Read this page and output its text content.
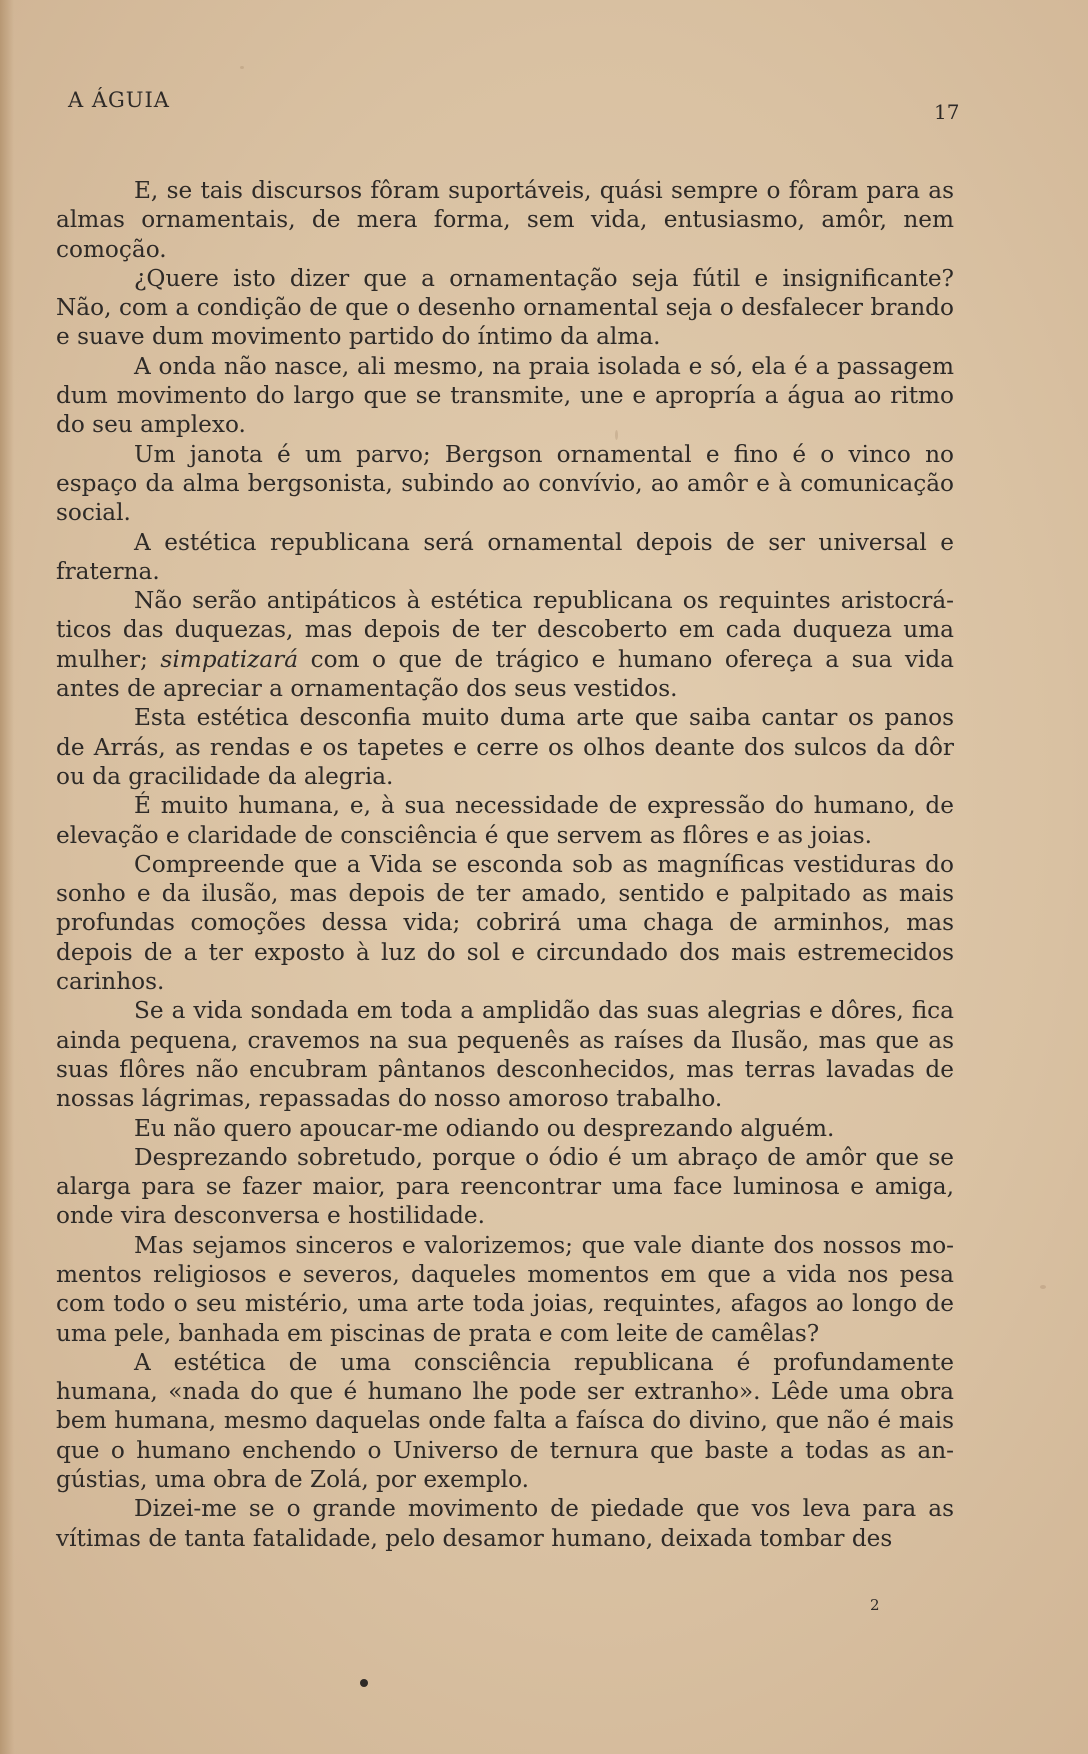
A ÁGUIA	17

E, se tais discursos fôram suportáveis, quási sempre o fôram para as almas ornamentais, de mera forma, sem vida, entusiasmo, amôr, nem comoção.

¿Quere isto dizer que a ornamentação seja fútil e insignificante? Não, com a condição de que o desenho ornamental seja o desfalecer brando e suave dum movimento partido do íntimo da alma.

A onda não nasce, ali mesmo, na praia isolada e só, ela é a passagem dum movimento do largo que se transmite, une e apropría a água ao ritmo do seu amplexo.

Um janota é um parvo; Bergson ornamental e fino é o vinco no espaço da alma bergsonista, subindo ao convívio, ao amôr e à comunicação social.

A estética republicana será ornamental depois de ser universal e fraterna.

Não serão antipáticos à estética republicana os requintes aristocráticos das duquezas, mas depois de ter descoberto em cada duqueza uma mulher; simpatizará com o que de trágico e humano ofereça a sua vida antes de apreciar a ornamentação dos seus vestidos.

Esta estética desconfia muito duma arte que saiba cantar os panos de Arrás, as rendas e os tapetes e cerre os olhos deante dos sulcos da dôr ou da gracilidade da alegria.

É muito humana, e, à sua necessidade de expressão do humano, de elevação e claridade de consciência é que servem as flôres e as joias.

Compreende que a Vida se esconda sob as magníficas vestiduras do sonho e da ilusão, mas depois de ter amado, sentido e palpitado as mais profundas comoções dessa vida; cobrirá uma chaga de arminhos, mas depois de a ter exposto à luz do sol e circundado dos mais estremecidos carinhos.

Se a vida sondada em toda a amplidão das suas alegrias e dôres, fica ainda pequena, cravemos na sua pequenês as raíses da Ilusão, mas que as suas flôres não encubram pântanos desconhecidos, mas terras lavadas de nossas lágrimas, repassadas do nosso amoroso trabalho.

Eu não quero apoucar-me odiando ou desprezando alguém.

Desprezando sobretudo, porque o ódio é um abraço de amôr que se alarga para se fazer maior, para reencontrar uma face luminosa e amiga, onde vira desconversa e hostilidade.

Mas sejamos sinceros e valorizemos; que vale diante dos nossos momentos religiosos e severos, daqueles momentos em que a vida nos pesa com todo o seu mistério, uma arte toda joias, requintes, afagos ao longo de uma pele, banhada em piscinas de prata e com leite de camêlas?

A estética de uma consciência republicana é profundamente humana, «nada do que é humano lhe pode ser extranho». Lêde uma obra bem humana, mesmo daquelas onde falta a faísca do divino, que não é mais que o humano enchendo o Universo de ternura que baste a todas as angústias, uma obra de Zolá, por exemplo.

Dizei-me se o grande movimento de piedade que vos leva para as vítimas de tanta fatalidade, pelo desamor humano, deixada tombar des

2
